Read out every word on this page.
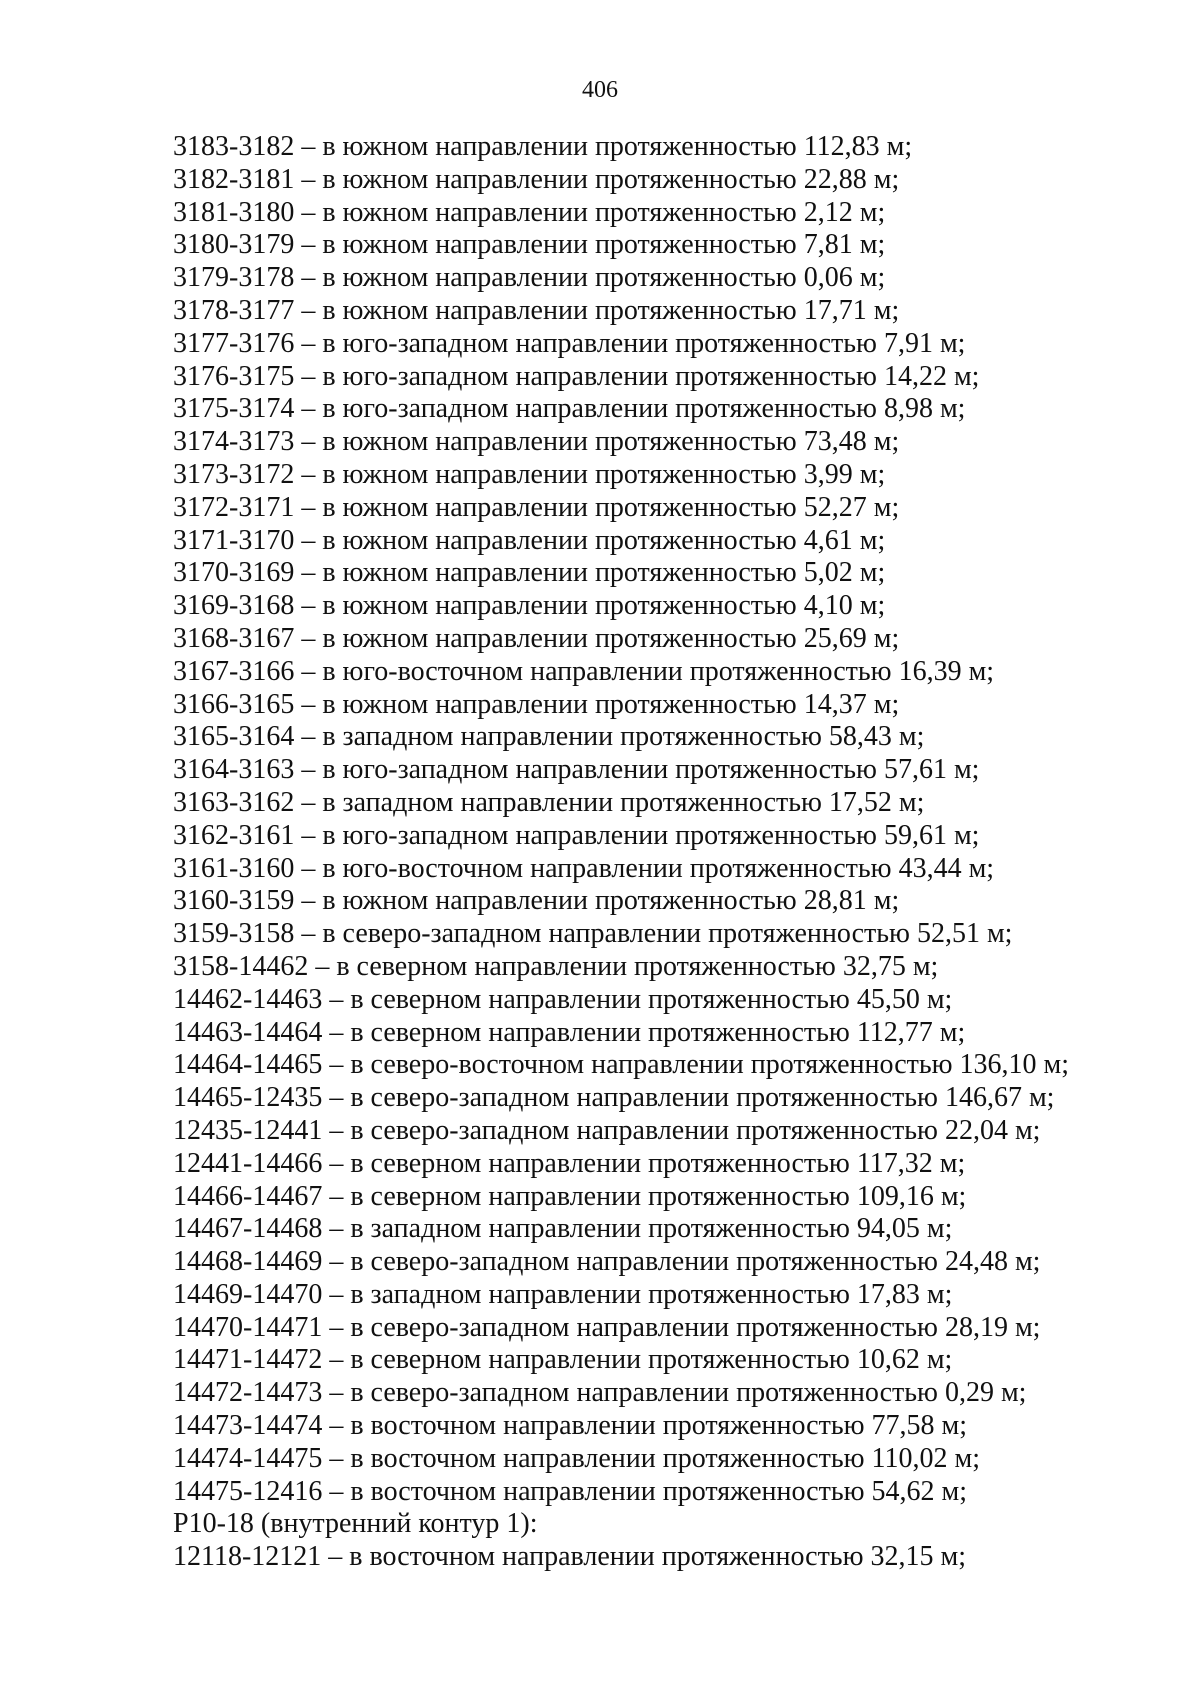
406
3183-3182 – в южном направлении протяженностью 112,83 м;
3182-3181 – в южном направлении протяженностью 22,88 м;
3181-3180 – в южном направлении протяженностью 2,12 м;
3180-3179 – в южном направлении протяженностью 7,81 м;
3179-3178 – в южном направлении протяженностью 0,06 м;
3178-3177 – в южном направлении протяженностью 17,71 м;
3177-3176 – в юго-западном направлении протяженностью 7,91 м;
3176-3175 – в юго-западном направлении протяженностью 14,22 м;
3175-3174 – в юго-западном направлении протяженностью 8,98 м;
3174-3173 – в южном направлении протяженностью 73,48 м;
3173-3172 – в южном направлении протяженностью 3,99 м;
3172-3171 – в южном направлении протяженностью 52,27 м;
3171-3170 – в южном направлении протяженностью 4,61 м;
3170-3169 – в южном направлении протяженностью 5,02 м;
3169-3168 – в южном направлении протяженностью 4,10 м;
3168-3167 – в южном направлении протяженностью 25,69 м;
3167-3166 – в юго-восточном направлении протяженностью 16,39 м;
3166-3165 – в южном направлении протяженностью 14,37 м;
3165-3164 – в западном направлении протяженностью 58,43 м;
3164-3163 – в юго-западном направлении протяженностью 57,61 м;
3163-3162 – в западном направлении протяженностью 17,52 м;
3162-3161 – в юго-западном направлении протяженностью 59,61 м;
3161-3160 – в юго-восточном направлении протяженностью 43,44 м;
3160-3159 – в южном направлении протяженностью 28,81 м;
3159-3158 – в северо-западном направлении протяженностью 52,51 м;
3158-14462 – в северном направлении протяженностью 32,75 м;
14462-14463 – в северном направлении протяженностью 45,50 м;
14463-14464 – в северном направлении протяженностью 112,77 м;
14464-14465 – в северо-восточном направлении протяженностью 136,10 м;
14465-12435 – в северо-западном направлении протяженностью 146,67 м;
12435-12441 – в северо-западном направлении протяженностью 22,04 м;
12441-14466 – в северном направлении протяженностью 117,32 м;
14466-14467 – в северном направлении протяженностью 109,16 м;
14467-14468 – в западном направлении протяженностью 94,05 м;
14468-14469 – в северо-западном направлении протяженностью 24,48 м;
14469-14470 – в западном направлении протяженностью 17,83 м;
14470-14471 – в северо-западном направлении протяженностью 28,19 м;
14471-14472 – в северном направлении протяженностью 10,62 м;
14472-14473 – в северо-западном направлении протяженностью 0,29 м;
14473-14474 – в восточном направлении протяженностью 77,58 м;
14474-14475 – в восточном направлении протяженностью 110,02 м;
14475-12416 – в восточном направлении протяженностью 54,62 м;
Р10-18 (внутренний контур 1):
12118-12121 – в восточном направлении протяженностью 32,15 м;
